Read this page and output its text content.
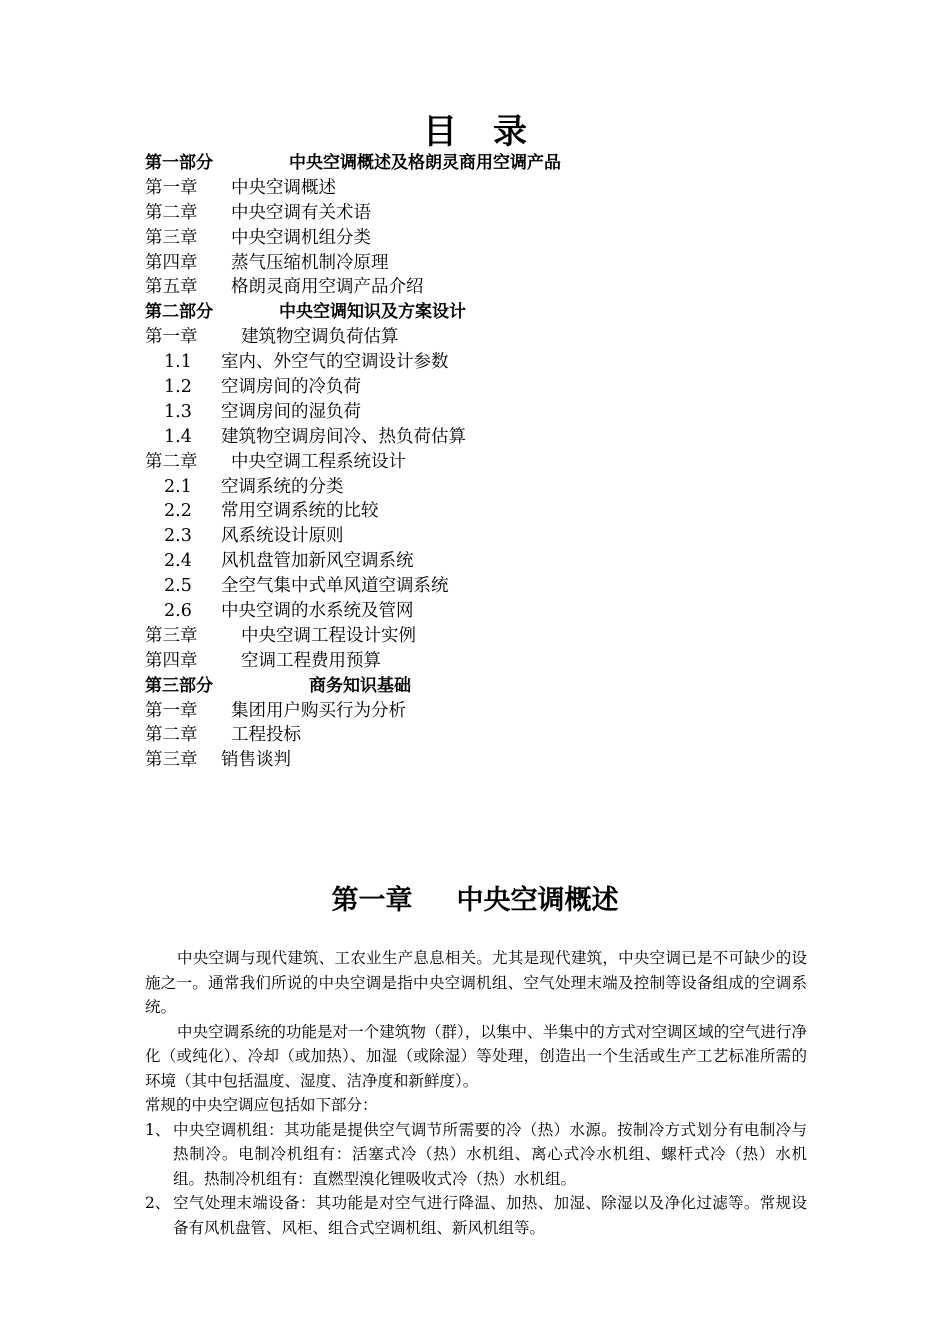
目录
第一部分	中央空调概述及格朗灵商用空调产品
第一章 中央空调概述
第二章 中央空调有关术语
第三章 中央空调机组分类
第四章 蒸气压缩机制冷原理
第五章 格朗灵商用空调产品介绍
第二部分	中央空调知识及方案设计
第一章 建筑物空调负荷估算
1.1 室内、外空气的空调设计参数
1.2 空调房间的冷负荷
1.3 空调房间的湿负荷
1.4 建筑物空调房间冷、热负荷估算
第二章 中央空调工程系统设计
2.1 空调系统的分类
2.2 常用空调系统的比较
2.3 风系统设计原则
2.4 风机盘管加新风空调系统
2.5 全空气集中式单风道空调系统
2.6 中央空调的水系统及管网
第三章 中央空调工程设计实例
第四章 空调工程费用预算
第三部分	商务知识基础
第一章 集团用户购买行为分析
第二章 工程投标
第三章 销售谈判
第一章 中央空调概述

中央空调与现代建筑、工农业生产息息相关。尤其是现代建筑，中央空调已是不可缺少的设施之一。通常我们所说的中央空调是指中央空调机组、空气处理末端及控制等设备组成的空调系统。

中央空调系统的功能是对一个建筑物（群），以集中、半集中的方式对空调区域的空气进行净化（或纯化）、冷却（或加热）、加湿（或除湿）等处理，创造出一个生活或生产工艺标准所需的环境（其中包括温度、湿度、洁净度和新鲜度）。

常规的中央空调应包括如下部分：

1、 中央空调机组：其功能是提供空气调节所需要的冷（热）水源。按制冷方式划分有电制冷与热制冷。电制冷机组有：活塞式冷（热）水机组、离心式冷水机组、螺杆式冷（热）水机组。热制冷机组有：直燃型溴化锂吸收式冷（热）水机组。
2、 空气处理末端设备：其功能是对空气进行降温、加热、加湿、除湿以及净化过滤等。常规设备有风机盘管、风柜、组合式空调机组、新风机组等。
